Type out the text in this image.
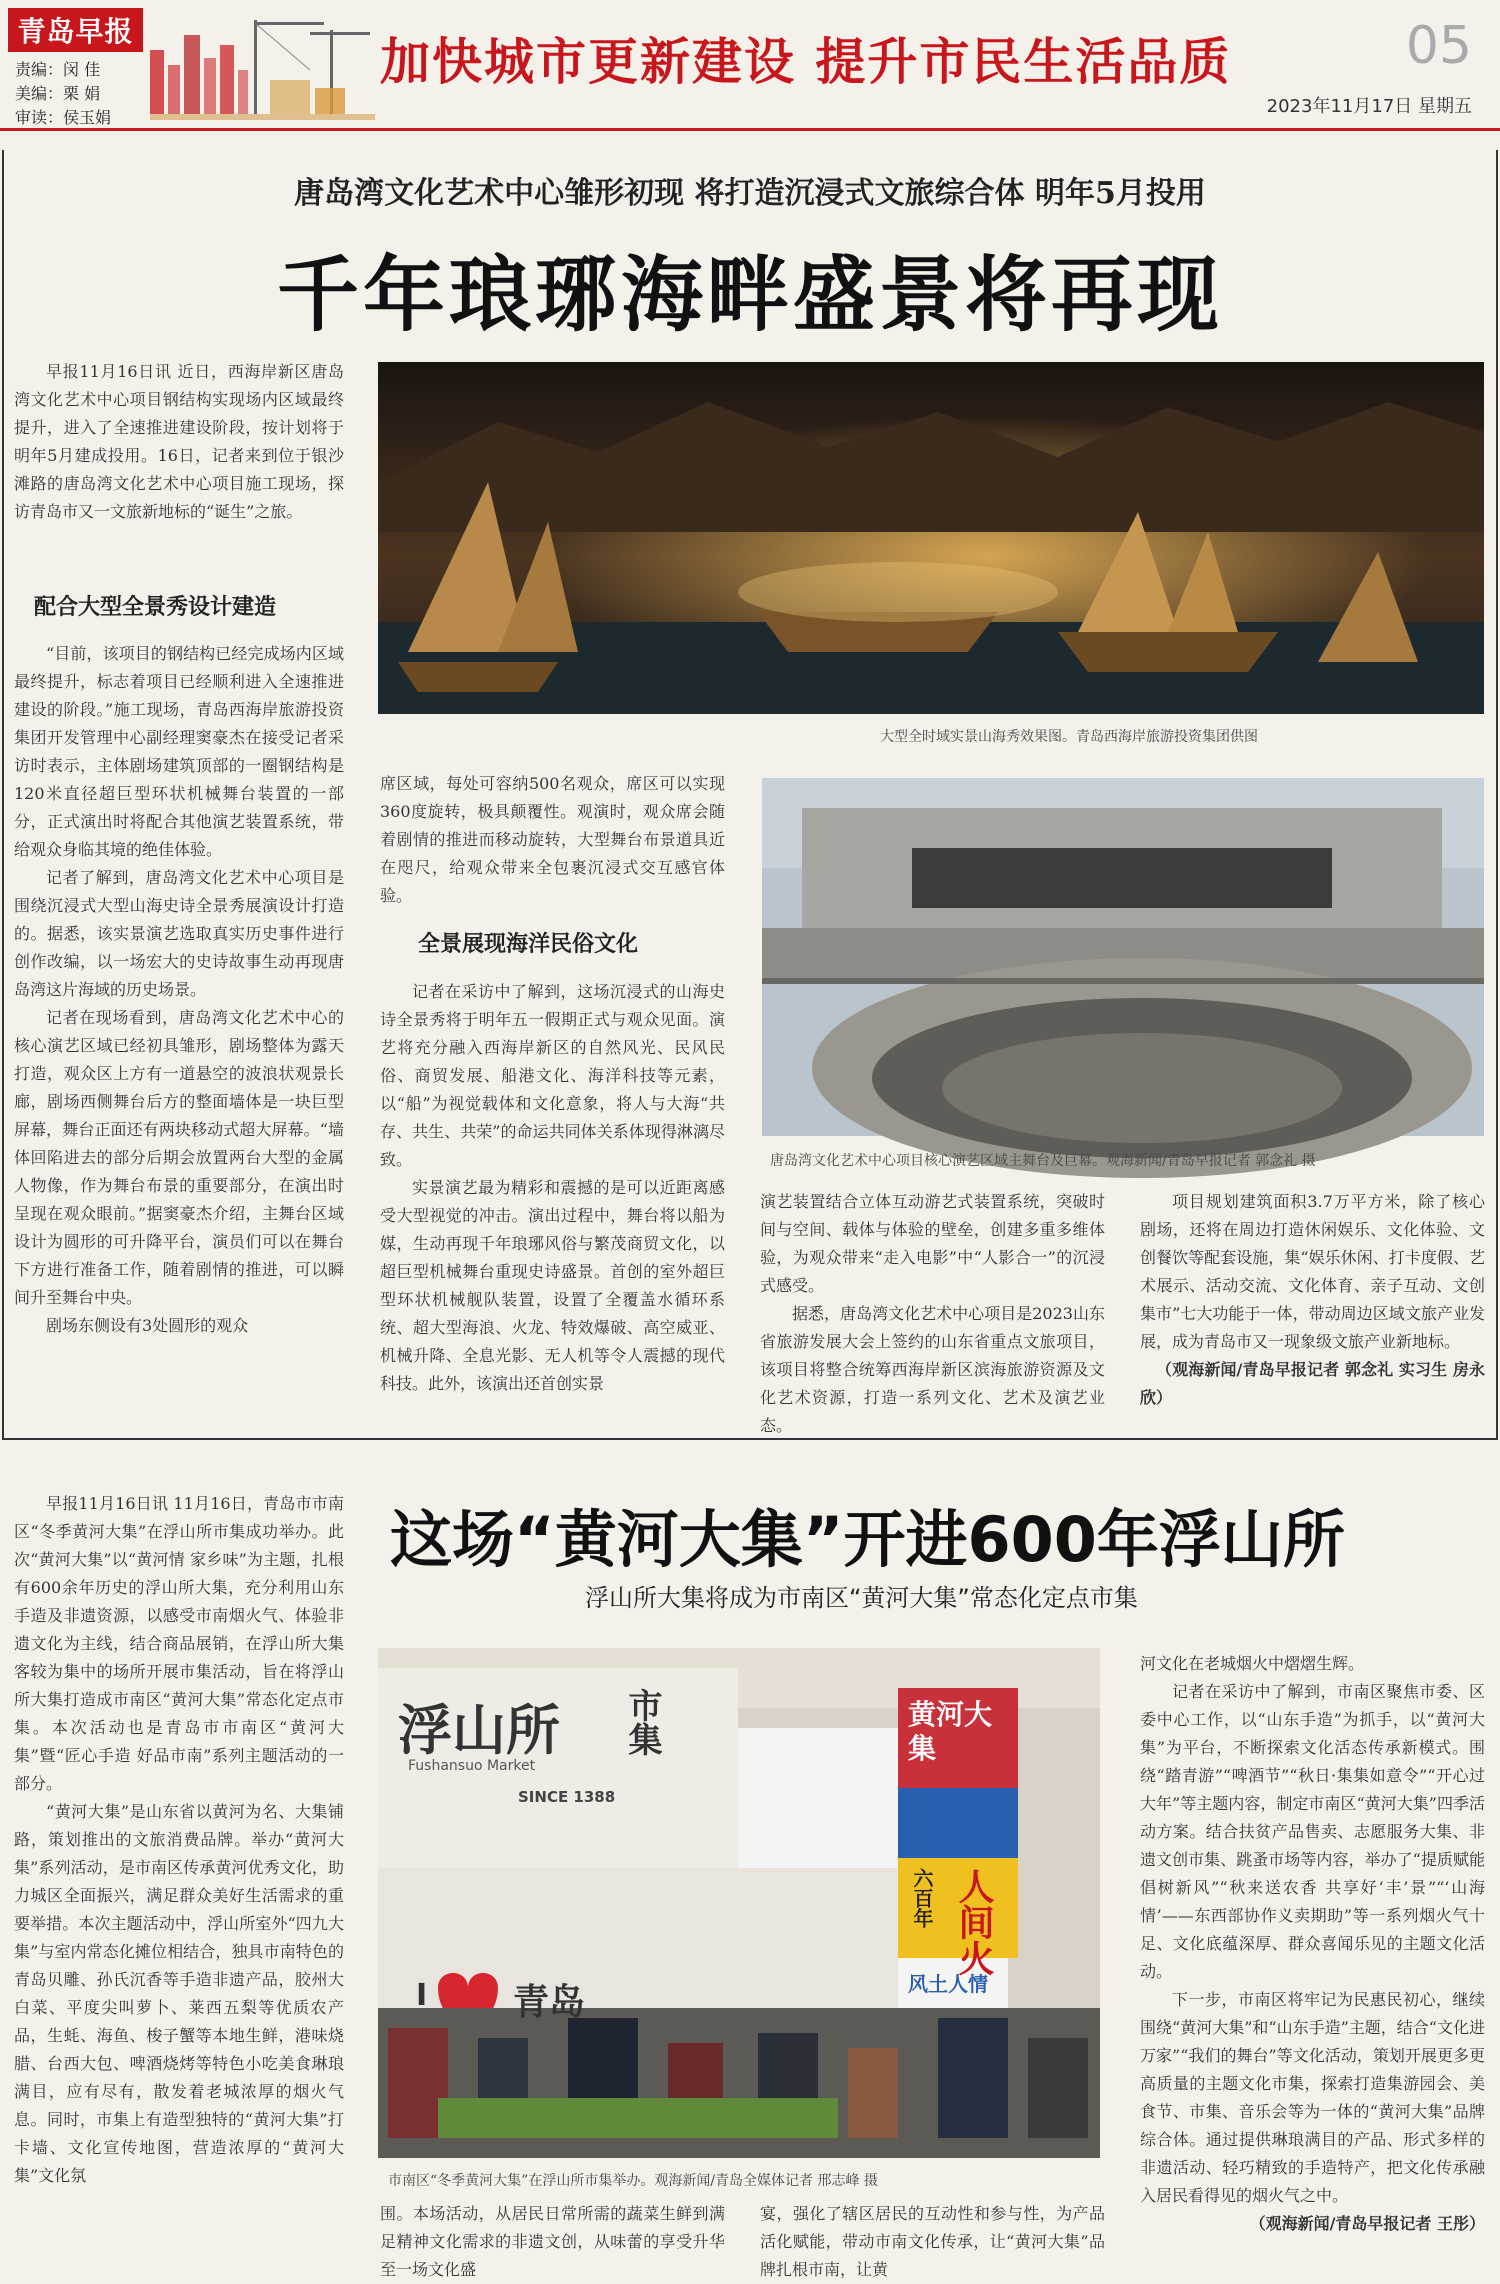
青岛早报
责编：闵 佳
美编：栗 娟
审读：侯玉娟
加快城市更新建设 提升市民生活品质	05
2023年11月17日 星期五
唐岛湾文化艺术中心雏形初现 将打造沉浸式文旅综合体 明年5月投用
千年琅琊海畔盛景将再现

早报11月16日讯 近日，西海岸新区唐岛湾文化艺术中心项目钢结构实现场内区域最终提升，进入了全速推进建设阶段，按计划将于明年5月建成投用。16日，记者来到位于银沙滩路的唐岛湾文化艺术中心项目施工现场，探访青岛市又一文旅新地标的“诞生”之旅。

配合大型全景秀设计建造

“目前，该项目的钢结构已经完成场内区域最终提升，标志着项目已经顺利进入全速推进建设的阶段。”施工现场，青岛西海岸旅游投资集团开发管理中心副经理窦豪杰在接受记者采访时表示，主体剧场建筑顶部的一圈钢结构是120米直径超巨型环状机械舞台装置的一部分，正式演出时将配合其他演艺装置系统，带给观众身临其境的绝佳体验。

记者了解到，唐岛湾文化艺术中心项目是围绕沉浸式大型山海史诗全景秀展演设计打造的。据悉，该实景演艺选取真实历史事件进行创作改编，以一场宏大的史诗故事生动再现唐岛湾这片海域的历史场景。

记者在现场看到，唐岛湾文化艺术中心的核心演艺区域已经初具雏形，剧场整体为露天打造，观众区上方有一道悬空的波浪状观景长廊，剧场西侧舞台后方的整面墙体是一块巨型屏幕，舞台正面还有两块移动式超大屏幕。“墙体回陷进去的部分后期会放置两台大型的金属人物像，作为舞台布景的重要部分，在演出时呈现在观众眼前。”据窦豪杰介绍，主舞台区域设计为圆形的可升降平台，演员们可以在舞台下方进行准备工作，随着剧情的推进，可以瞬间升至舞台中央。

剧场东侧设有3处圆形的观众

大型全时域实景山海秀效果图。青岛西海岸旅游投资集团供图

席区域，每处可容纳500名观众，席区可以实现360度旋转，极具颠覆性。观演时，观众席会随着剧情的推进而移动旋转，大型舞台布景道具近在咫尺，给观众带来全包裹沉浸式交互感官体验。

全景展现海洋民俗文化

记者在采访中了解到，这场沉浸式的山海史诗全景秀将于明年五一假期正式与观众见面。演艺将充分融入西海岸新区的自然风光、民风民俗、商贸发展、船港文化、海洋科技等元素，以“船”为视觉载体和文化意象，将人与大海“共存、共生、共荣”的命运共同体关系体现得淋漓尽致。

实景演艺最为精彩和震撼的是可以近距离感受大型视觉的冲击。演出过程中，舞台将以船为媒，生动再现千年琅琊风俗与繁茂商贸文化，以超巨型机械舞台重现史诗盛景。首创的室外超巨型环状机械舰队装置，设置了全覆盖水循环系统、超大型海浪、火龙、特效爆破、高空威亚、机械升降、全息光影、无人机等令人震撼的现代科技。此外，该演出还首创实景

唐岛湾文化艺术中心项目核心演艺区域主舞台及巨幕。观海新闻/青岛早报记者 郭念礼 摄

演艺装置结合立体互动游艺式装置系统，突破时间与空间、载体与体验的壁垒，创建多重多维体验，为观众带来“走入电影”中“人影合一”的沉浸式感受。

据悉，唐岛湾文化艺术中心项目是2023山东省旅游发展大会上签约的山东省重点文旅项目，该项目将整合统筹西海岸新区滨海旅游资源及文化艺术资源，打造一系列文化、艺术及演艺业态。

项目规划建筑面积3.7万平方米，除了核心剧场，还将在周边打造休闲娱乐、文化体验、文创餐饮等配套设施，集“娱乐休闲、打卡度假、艺术展示、活动交流、文化体育、亲子互动、文创集市”七大功能于一体，带动周边区域文旅产业发展，成为青岛市又一现象级文旅产业新地标。

（观海新闻/青岛早报记者 郭念礼 实习生 房永欣）

早报11月16日讯 11月16日，青岛市市南区“冬季黄河大集”在浮山所市集成功举办。此次“黄河大集”以“黄河情 家乡味”为主题，扎根有600余年历史的浮山所大集，充分利用山东手造及非遗资源，以感受市南烟火气、体验非遗文化为主线，结合商品展销，在浮山所大集客较为集中的场所开展市集活动，旨在将浮山所大集打造成市南区“黄河大集”常态化定点市集。本次活动也是青岛市市南区“黄河大集”暨“匠心手造 好品市南”系列主题活动的一部分。

“黄河大集”是山东省以黄河为名、大集铺路，策划推出的文旅消费品牌。举办“黄河大集”系列活动，是市南区传承黄河优秀文化，助力城区全面振兴，满足群众美好生活需求的重要举措。本次主题活动中，浮山所室外“四九大集”与室内常态化摊位相结合，独具市南特色的青岛贝雕、孙氏沉香等手造非遗产品，胶州大白菜、平度尖叫萝卜、莱西五梨等优质农产品，生蚝、海鱼、梭子蟹等本地生鲜，港味烧腊、台西大包、啤酒烧烤等特色小吃美食琳琅满目，应有尽有，散发着老城浓厚的烟火气息。同时，市集上有造型独特的“黄河大集”打卡墙、文化宣传地图，营造浓厚的“黄河大集”文化氛

这场“黄河大集”开进600年浮山所
浮山所大集将成为市南区“黄河大集”常态化定点市集
浮山所
Fushansuo Market
市集
SINCE 1388
I 青岛
黄河大集
六百年 人间火
风土人情
市南区“冬季黄河大集”在浮山所市集举办。观海新闻/青岛全媒体记者 邢志峰 摄

围。本场活动，从居民日常所需的蔬菜生鲜到满足精神文化需求的非遗文创，从味蕾的享受升华至一场文化盛

宴，强化了辖区居民的互动性和参与性，为产品活化赋能，带动市南文化传承，让“黄河大集”品牌扎根市南，让黄

河文化在老城烟火中熠熠生辉。

记者在采访中了解到，市南区聚焦市委、区委中心工作，以“山东手造”为抓手，以“黄河大集”为平台，不断探索文化活态传承新模式。围绕“踏青游”“啤酒节”“秋日·集集如意令”“开心过大年”等主题内容，制定市南区“黄河大集”四季活动方案。结合扶贫产品售卖、志愿服务大集、非遗文创市集、跳蚤市场等内容，举办了“提质赋能 倡树新风”“秋来送农香 共享好‘丰’景”“‘山海情’——东西部协作义卖期助”等一系列烟火气十足、文化底蕴深厚、群众喜闻乐见的主题文化活动。

下一步，市南区将牢记为民惠民初心，继续围绕“黄河大集”和“山东手造”主题，结合“文化进万家”“我们的舞台”等文化活动，策划开展更多更高质量的主题文化市集，探索打造集游园会、美食节、市集、音乐会等为一体的“黄河大集”品牌综合体。通过提供琳琅满目的产品、形式多样的非遗活动、轻巧精致的手造特产，把文化传承融入居民看得见的烟火气之中。

（观海新闻/青岛早报记者 王彤）
